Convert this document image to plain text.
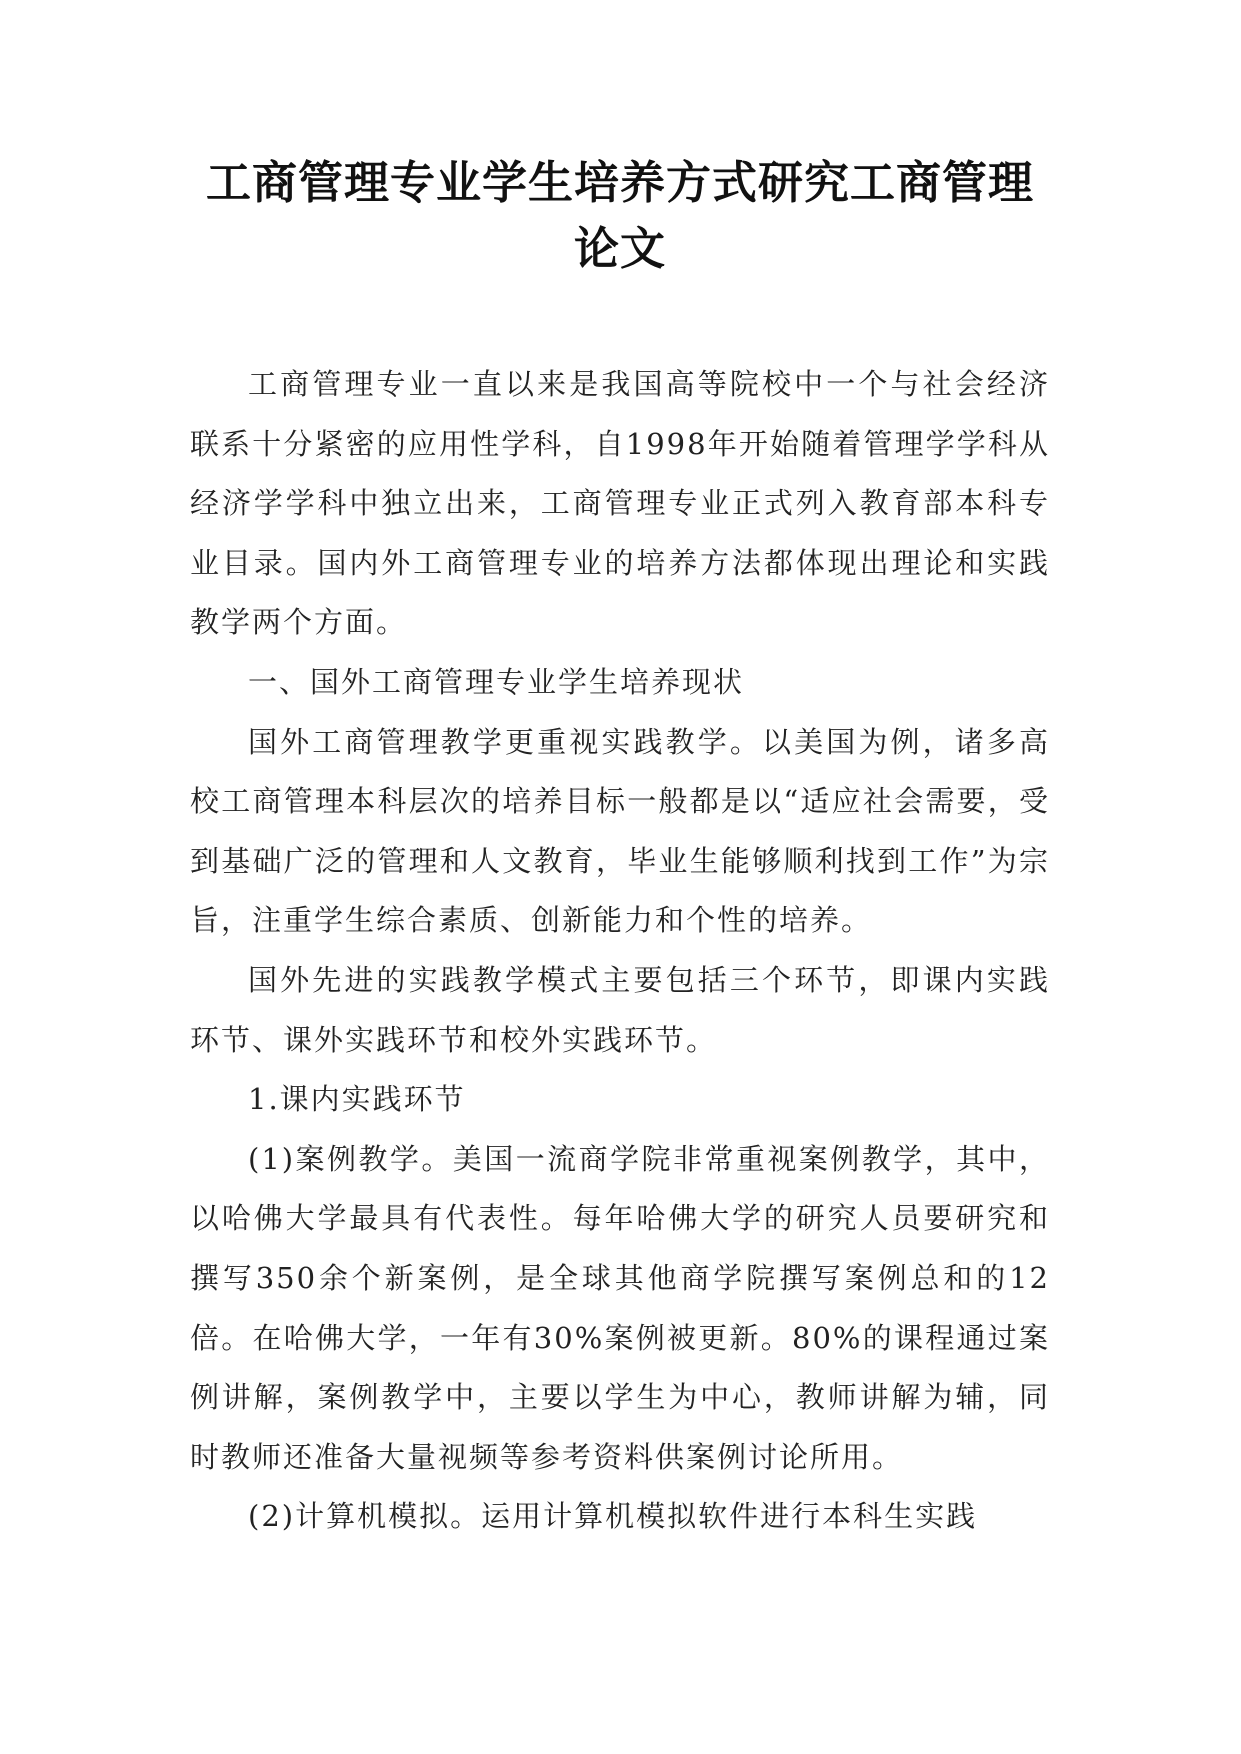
工商管理专业学生培养方式研究工商管理
论文

工商管理专业一直以来是我国高等院校中一个与社会经济联系十分紧密的应用性学科，自1998年开始随着管理学学科从经济学学科中独立出来，工商管理专业正式列入教育部本科专业目录。国内外工商管理专业的培养方法都体现出理论和实践教学两个方面。

一、国外工商管理专业学生培养现状

国外工商管理教学更重视实践教学。以美国为例，诸多高校工商管理本科层次的培养目标一般都是以“适应社会需要，受到基础广泛的管理和人文教育，毕业生能够顺利找到工作”为宗旨，注重学生综合素质、创新能力和个性的培养。

国外先进的实践教学模式主要包括三个环节，即课内实践环节、课外实践环节和校外实践环节。

1.课内实践环节

(1)案例教学。美国一流商学院非常重视案例教学，其中，以哈佛大学最具有代表性。每年哈佛大学的研究人员要研究和撰写350余个新案例，是全球其他商学院撰写案例总和的12倍。在哈佛大学，一年有30%案例被更新。80%的课程通过案例讲解，案例教学中，主要以学生为中心，教师讲解为辅，同时教师还准备大量视频等参考资料供案例讨论所用。

(2)计算机模拟。运用计算机模拟软件进行本科生实践
